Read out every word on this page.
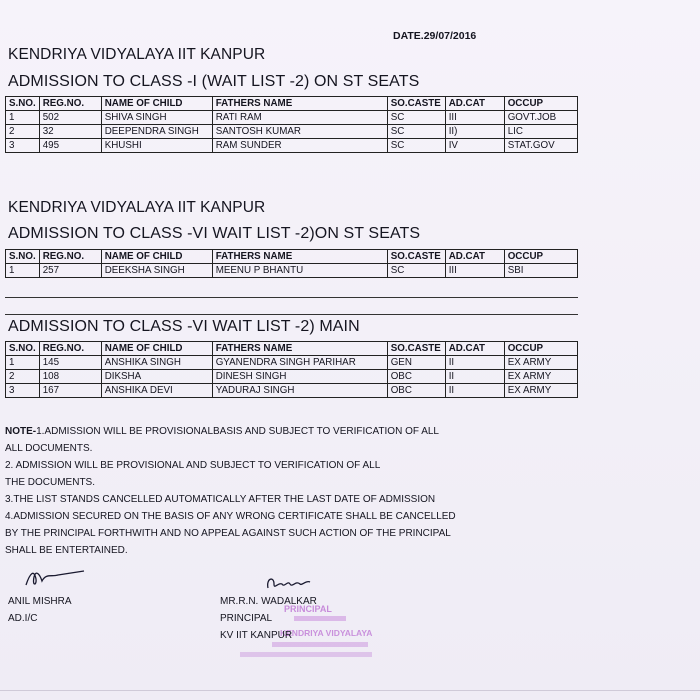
DATE.29/07/2016
KENDRIYA VIDYALAYA IIT KANPUR
ADMISSION TO CLASS -I (WAIT LIST -2) ON ST SEATS
S.NO.	REG.NO.	NAME OF CHILD	FATHERS NAME	SO.CASTE	AD.CAT	OCCUP
1	502	SHIVA SINGH	RATI RAM	SC	III	GOVT.JOB
2	32	DEEPENDRA SINGH	SANTOSH KUMAR	SC	II)	LIC
3	495	KHUSHI	RAM SUNDER	SC	IV	STAT.GOV
KENDRIYA VIDYALAYA IIT KANPUR
ADMISSION TO CLASS -VI WAIT LIST -2)ON ST SEATS
S.NO.	REG.NO.	NAME OF CHILD	FATHERS NAME	SO.CASTE	AD.CAT	OCCUP
1	257	DEEKSHA SINGH	MEENU P BHANTU	SC	III	SBI
ADMISSION TO CLASS -VI WAIT LIST -2) MAIN
S.NO.	REG.NO.	NAME OF CHILD	FATHERS NAME	SO.CASTE	AD.CAT	OCCUP
1	145	ANSHIKA SINGH	GYANENDRA SINGH PARIHAR	GEN	II	EX ARMY
2	108	DIKSHA	DINESH SINGH	OBC	II	EX ARMY
3	167	ANSHIKA DEVI	YADURAJ SINGH	OBC	II	EX ARMY

NOTE-1.ADMISSION WILL BE PROVISIONALBASIS AND SUBJECT TO VERIFICATION OF ALL

ALL DOCUMENTS.

2. ADMISSION WILL BE PROVISIONAL AND SUBJECT TO VERIFICATION OF ALL

THE DOCUMENTS.

3.THE LIST STANDS CANCELLED AUTOMATICALLY AFTER THE LAST DATE OF ADMISSION

4.ADMISSION SECURED ON THE BASIS OF ANY WRONG CERTIFICATE SHALL BE CANCELLED

BY THE PRINCIPAL FORTHWITH AND NO APPEAL AGAINST SUCH ACTION OF THE PRINCIPAL

SHALL BE ENTERTAINED.

ANIL MISHRA
AD.I/C
PRINCIPAL
KENDRIYA VIDYALAYA
MR.R.N. WADALKAR
PRINCIPAL
KV IIT KANPUR
